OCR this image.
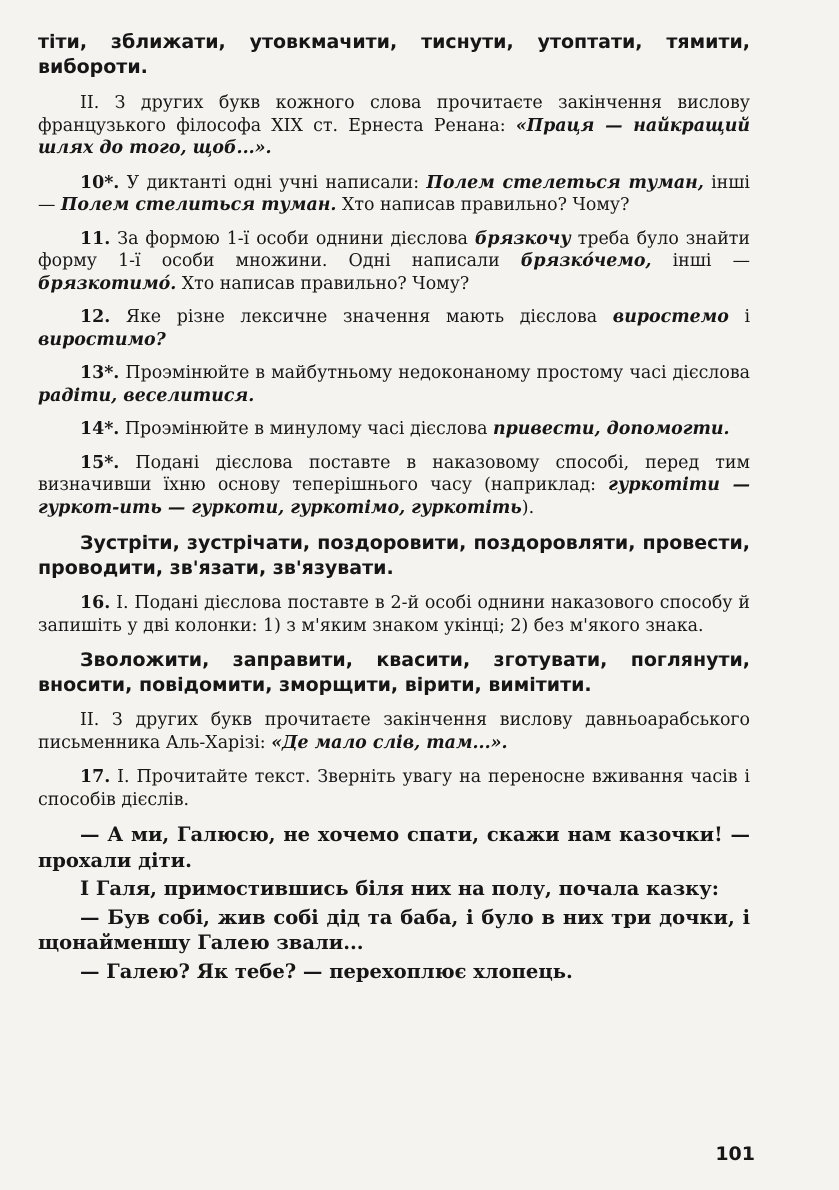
тіти, зближати, утовкмачити, тиснути, утоптати, тямити, вибороти.

ІІ. З других букв кожного слова прочитаєте закінчення вислову французького філософа XIX ст. Ернеста Ренана: «Праця — найкращий шлях до того, щоб...».

10*. У диктанті одні учні написали: Полем стелеться туман, інші — Полем стелиться туман. Хто написав правильно? Чому?

11. За формою 1-ї особи однини дієслова брязкочу треба було знайти форму 1-ї особи множини. Одні написали брязко́чемо, інші — брязкотимо́. Хто написав правильно? Чому?

12. Яке різне лексичне значення мають дієслова виростемо і виростимо?

13*. Проэмінюйте в майбутньому недоконаному простому часі дієслова радіти, веселитися.

14*. Проэмінюйте в минулому часі дієслова привести, допомогти.

15*. Подані дієслова поставте в наказовому способі, перед тим визначивши їхню основу теперішнього часу (наприклад: гуркотіти — гуркот-ить — гуркоти, гуркотімо, гуркотіть).

Зустріти, зустрічати, поздоровити, поздоровляти, провести, проводити, зв'язати, зв'язувати.

16. І. Подані дієслова поставте в 2-й особі однини наказового способу й запишіть у дві колонки: 1) з м'яким знаком укінці; 2) без м'якого знака.

Зволожити, заправити, квасити, зготувати, поглянути, вносити, повідомити, зморщити, вірити, вимітити.

ІІ. З других букв прочитаєте закінчення вислову давньоарабського письменника Аль-Харізі: «Де мало слів, там...».

17. І. Прочитайте текст. Зверніть увагу на переносне вживання часів і способів дієслів.

— А ми, Галюсю, не хочемо спати, скажи нам казочки! — прохали діти.

І Галя, примостившись біля них на полу, почала казку:

— Був собі, жив собі дід та баба, і було в них три дочки, і щонайменшу Галею звали...

— Галею? Як тебе? — перехоплює хлопець.

101
